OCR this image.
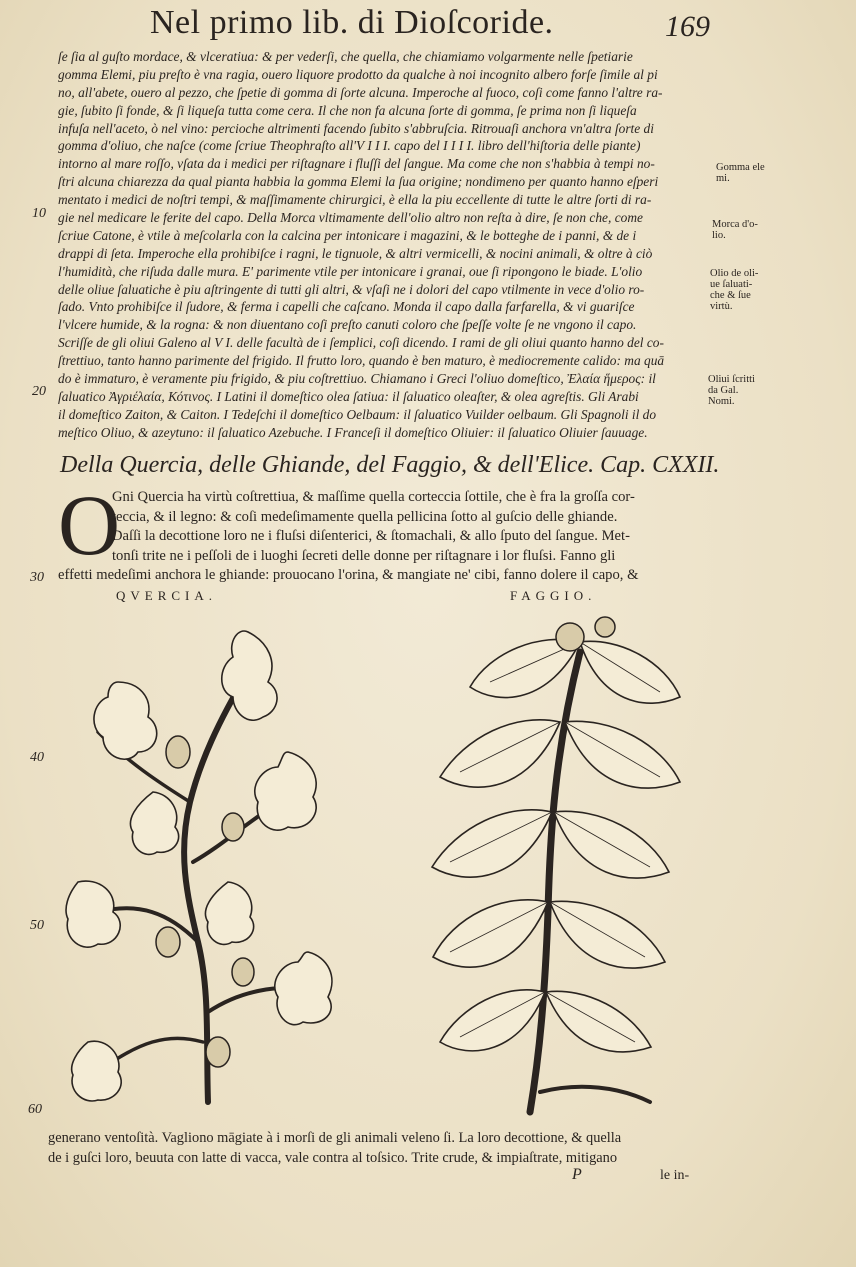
Nel primo lib. di Dioſcoride.	169
ſe ſia al guſto mordace, & vlceratiua: & per vederſi, che quella, che chiamiamo volgarmente nelle ſpetiarie
gomma Elemi, piu preſto è vna ragia, ouero liquore prodotto da qualche à noi incognito albero forſe ſimile al pi
no, all'abete, ouero al pezzo, che ſpetie di gomma di ſorte alcuna. Imperoche al fuoco, coſi come fanno l'altre ra-
gie, ſubito ſi fonde, & ſi liqueſa tutta come cera. Il che non fa alcuna ſorte di gomma, ſe prima non ſi liqueſa
infuſa nell'aceto, ò nel vino: percioche altrimenti facendo ſubito s'abbruſcia. Ritrouaſi anchora vn'altra ſorte di
gomma d'oliuo, che naſce (come ſcriue Theophraſto all'V I I I. capo del I I I I. libro dell'hiſtoria delle piante)
intorno al mare roſſo, vſata da i medici per riſtagnare i fluſſi del ſangue. Ma come che non s'habbia à tempi no-
ſtri alcuna chiarezza da qual pianta habbia la gomma Elemi la ſua origine; nondimeno per quanto hanno eſperi
mentato i medici de noſtri tempi, & maſſimamente chirurgici, è ella la piu eccellente di tutte le altre ſorti di ra-
gie nel medicare le ferite del capo. Della Morca vltimamente dell'olio altro non reſta à dire, ſe non che, come
ſcriue Catone, è vtile à meſcolarla con la calcina per intonicare i magazini, & le botteghe de i panni, & de i
drappi di ſeta. Imperoche ella prohibiſce i ragni, le tignuole, & altri vermicelli, & nocini animali, & oltre à ciò
l'humidità, che riſuda dalle mura. E' parimente vtile per intonicare i granai, oue ſi ripongono le biade. L'olio
delle oliue ſaluatiche è piu aſtringente di tutti gli altri, & vſaſi ne i dolori del capo vtilmente in vece d'olio ro-
ſado. Vnto prohibiſce il ſudore, & ferma i capelli che caſcano. Monda il capo dalla farfarella, & vi guariſce
l'vlcere humide, & la rogna: & non diuentano coſi preſto canuti coloro che ſpeſſe volte ſe ne vngono il capo.
Scriſſe de gli oliui Galeno al V I. delle facultà de i ſemplici, coſi dicendo. I rami de gli oliui quanto hanno del co-
ſtrettiuo, tanto hanno parimente del frigido. Il frutto loro, quando è ben maturo, è mediocremente calido: ma quā
do è immaturo, è veramente piu frigido, & piu coſtrettiuo. Chiamano i Greci l'oliuo domeſtico, Ἐλαία ἥμερος: il
ſaluatico Ἀγριέλαία, Κότινος. I Latini il domeſtico olea ſatiua: il ſaluatico oleaſter, & olea agreſtis. Gli Arabi
il domeſtico Zaiton, & Caiton. I Tedeſchi il domeſtico Oelbaum: il ſaluatico Vuilder oelbaum. Gli Spagnoli il do
meſtico Oliuo, & azeytuno: il ſaluatico Azebuche. I Franceſi il domeſtico Oliuier: il ſaluatico Oliuier ſauuage.
Gomma ele
mi.
Morca d'o-
lio.
Olio de oli-
ue ſaluati-
che & ſue
virtù.
Oliui ſcritti
da Gal.
Nomi.
10
20
30
40
50
60
Della Quercia, delle Ghiande, del Faggio, & dell'Elice. Cap. CXXII.
O
Gni Quercia ha virtù coſtrettiua, & maſſime quella corteccia ſottile, che è fra la groſſa cor-
teccia, & il legno: & coſi medeſimamente quella pellicina ſotto al guſcio delle ghiande.
Daſſi la decottione loro ne i fluſsi diſenterici, & ſtomachali, & allo ſputo del ſangue. Met-
tonſi trite ne i peſſoli de i luoghi ſecreti delle donne per riſtagnare i lor fluſsi. Fanno gli
effetti medeſimi anchora le ghiande: prouocano l'orina, & mangiate ne' cibi, fanno dolere il capo, &
QVERCIA.	FAGGIO.
generano ventoſità. Vagliono māgiate à i morſi de gli animali veleno ſi. La loro decottione, & quella
de i guſci loro, beuuta con latte di vacca, vale contra al toſsico. Trite crude, & impiaſtrate, mitigano
P	le in-
